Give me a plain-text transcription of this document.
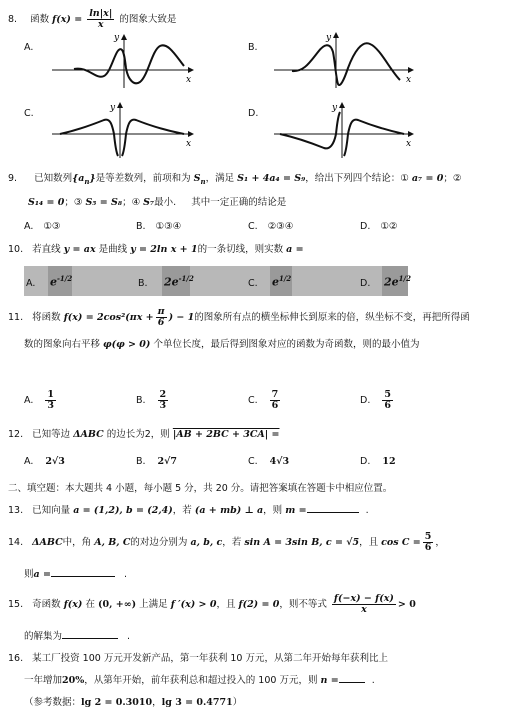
8. 函数 $f(x) = \frac{\ln|x|}{x}$ 的图象大致是
A.	B.
C.	D.
x
y
x
y
x
y
x
y
9. 已知数列$\{a_n\}$是等差数列，前项和为 $S_n$，满足 S₁ + 4a₄ = S₉，给出下列四个结论：① a₇ = 0；②
S₁₄ = 0；③ S₅ = S₈；④ S₇最小. 其中一定正确的结论是
A. ①③	B. ①③④	C. ②③④	D. ①②
10. 若直线 y = ax 是曲线 y = 2ln x + 1的一条切线，则实数 a =
A. $e^{-1/2}$	B. $2e^{-1/2}$	C. $e^{1/2}$	D. $2e^{1/2}$
11. 将函数 $f(x) = 2\cos^2(\pi x + \frac{\pi}{6}$ ) − 1的图象所有点的横坐标伸长到原来的倍，纵坐标不变，再把所得函
数的图象向右平移 φ(φ > 0) 个单位长度，最后得到图象对应的函数为奇函数，则的最小值为
A. $\frac{1}{3}$	B. $\frac{2}{3}$	C. $\frac{7}{6}$	D. $\frac{5}{6}$
12. 已知等边 ΔABC 的边长为2，则 |AB + 2BC + 3CA| =
A. 2√3	B. 2√7	C. 4√3	D. 12
二、填空题：本大题共 4 小题，每小题 5 分，共 20 分。请把答案填在答题卡中相应位置。
13. 已知向量 a = (1,2), b = (2,4)，若 (a + mb) ⊥ a，则 m =	.
14. ΔABC中，角 A, B, C的对边分别为 a, b, c，若 sin A = 3sin B, c = √5，且 $\cos C = \frac{5}{6}$ ，
则a =	.
15. 奇函数 f(x) 在 (0, +∞) 上满足 f ′(x) > 0，且 f(2) = 0，则不等式 $\frac{f(-x) - f(x)}{x} > 0$
的解集为	.
16. 某工厂投资 100 万元开发新产品，第一年获利 10 万元，从第二年开始每年获利比上
一年增加20%，从第年开始，前年获利总和超过投入的 100 万元，则 n =	.
（参考数据：lg 2 = 0.3010，lg 3 = 0.4771）
